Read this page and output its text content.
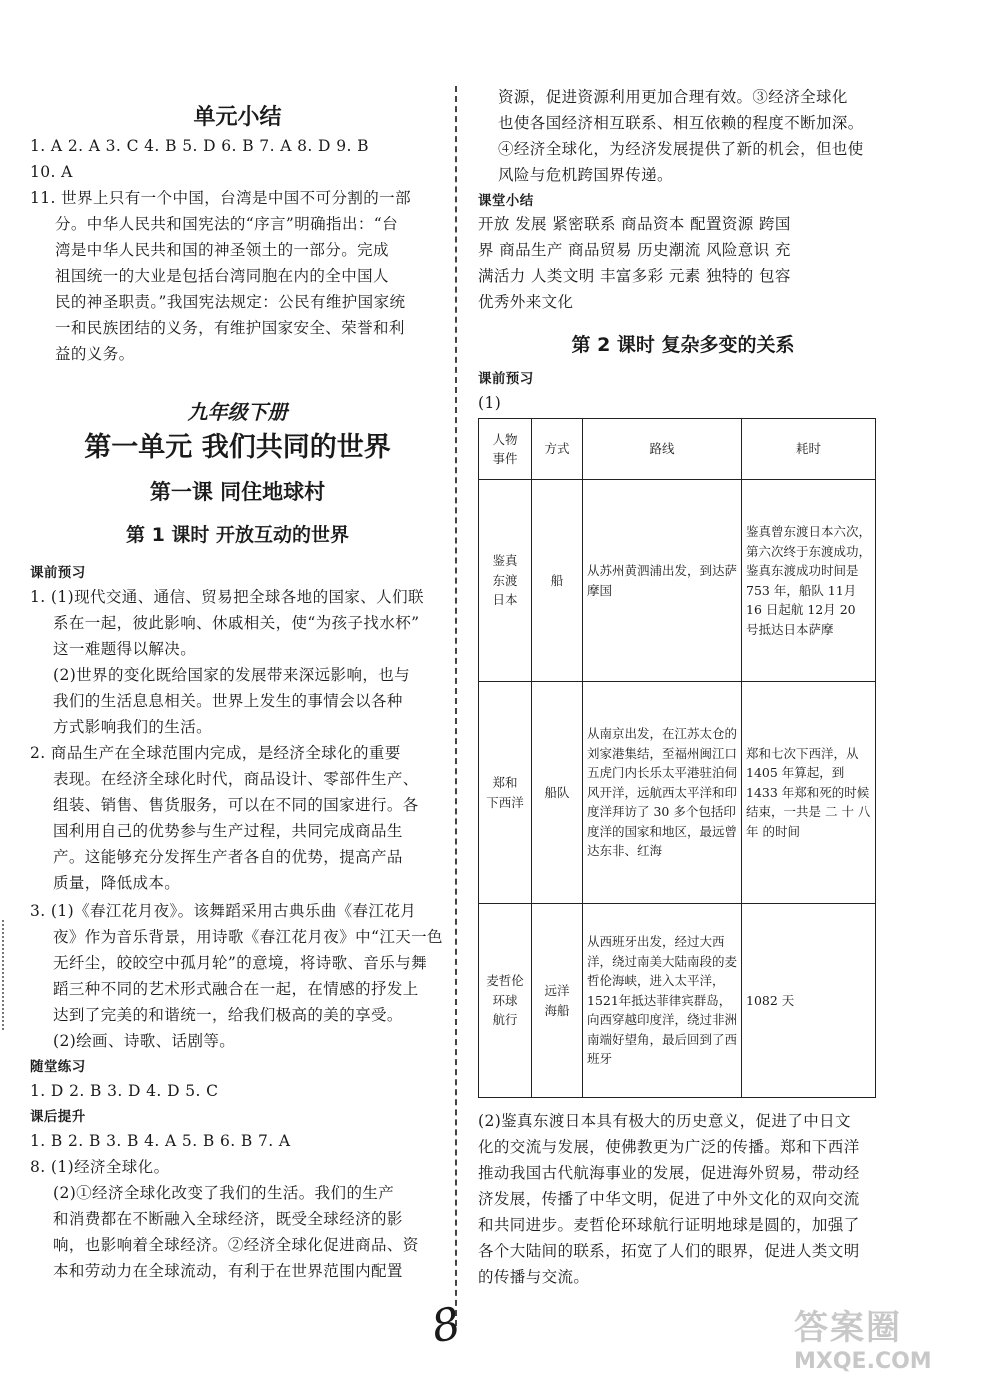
单元小结
1. A 2. A 3. C 4. B 5. D 6. B 7. A 8. D 9. B
10. A
11. 世界上只有一个中国，台湾是中国不可分割的一部
分。中华人民共和国宪法的“序言”明确指出：“台
湾是中华人民共和国的神圣领土的一部分。完成
祖国统一的大业是包括台湾同胞在内的全中国人
民的神圣职责。”我国宪法规定：公民有维护国家统
一和民族团结的义务，有维护国家安全、荣誉和利
益的义务。
九年级下册
第一单元 我们共同的世界
第一课 同住地球村
第 1 课时 开放互动的世界
课前预习
1. (1)现代交通、通信、贸易把全球各地的国家、人们联
系在一起，彼此影响、休戚相关，使“为孩子找水杯”
这一难题得以解决。
(2)世界的变化既给国家的发展带来深远影响，也与
我们的生活息息相关。世界上发生的事情会以各种
方式影响我们的生活。
2. 商品生产在全球范围内完成，是经济全球化的重要
表现。在经济全球化时代，商品设计、零部件生产、
组装、销售、售货服务，可以在不同的国家进行。各
国利用自己的优势参与生产过程，共同完成商品生
产。这能够充分发挥生产者各自的优势，提高产品
质量，降低成本。
3. (1)《春江花月夜》。该舞蹈采用古典乐曲《春江花月
夜》作为音乐背景，用诗歌《春江花月夜》中“江天一色
无纤尘，皎皎空中孤月轮”的意境，将诗歌、音乐与舞
蹈三种不同的艺术形式融合在一起，在情感的抒发上
达到了完美的和谐统一，给我们极高的美的享受。
(2)绘画、诗歌、话剧等。
随堂练习
1. D 2. B 3. D 4. D 5. C
课后提升
1. B 2. B 3. B 4. A 5. B 6. B 7. A
8. (1)经济全球化。
(2)①经济全球化改变了我们的生活。我们的生产
和消费都在不断融入全球经济，既受全球经济的影
响，也影响着全球经济。②经济全球化促进商品、资
本和劳动力在全球流动，有利于在世界范围内配置
资源，促进资源利用更加合理有效。③经济全球化
也使各国经济相互联系、相互依赖的程度不断加深。
④经济全球化，为经济发展提供了新的机会，但也使
风险与危机跨国界传递。
课堂小结
开放 发展 紧密联系 商品资本 配置资源 跨国
界 商品生产 商品贸易 历史潮流 风险意识 充
满活力 人类文明 丰富多彩 元素 独特的 包容
优秀外来文化
第 2 课时 复杂多变的关系
课前预习
(1)
人物
事件	方式	路线	耗时
鉴真
东渡
日本	船	从苏州黄泗浦出发，到达萨摩国	鉴真曾东渡日本六次，第六次终于东渡成功，鉴真东渡成功时间是753 年，船队 11月 16 日起航 12月 20 号抵达日本萨摩
郑和
下西洋	船队	从南京出发，在江苏太仓的刘家港集结，至福州闽江口五虎门内长乐太平港驻泊伺风开洋，远航西太平洋和印度洋拜访了 30 多个包括印度洋的国家和地区，最远曾达东非、红海	郑和七次下西洋，从 1405 年算起，到1433 年郑和死的时候结束，一共是 二 十 八 年 的时间
麦哲伦
环球
航行	远洋
海船	从西班牙出发，经过大西洋，绕过南美大陆南段的麦哲伦海峡，进入太平洋，1521年抵达菲律宾群岛，向西穿越印度洋，绕过非洲南端好望角，最后回到了西班牙	1082 天
(2)鉴真东渡日本具有极大的历史意义，促进了中日文
化的交流与发展，使佛教更为广泛的传播。郑和下西洋
推动我国古代航海事业的发展，促进海外贸易，带动经
济发展，传播了中华文明，促进了中外文化的双向交流
和共同进步。麦哲伦环球航行证明地球是圆的，加强了
各个大陆间的联系，拓宽了人们的眼界，促进人类文明
的传播与交流。
8	答案圈
MXQE.COM
